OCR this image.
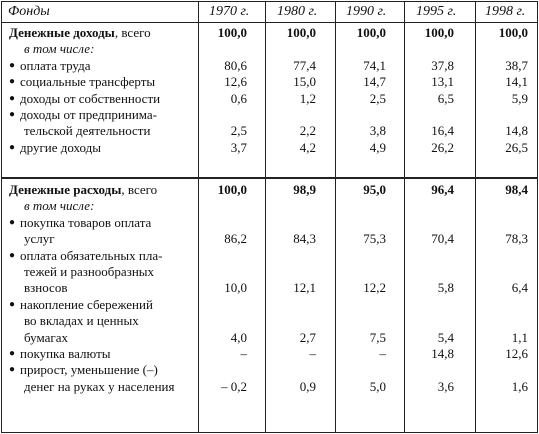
Фонды	1970 г. 1980 г. 1990 г. 1995 г. 1998 г.
Денежные доходы, всего	100,0	100,0	100,0	100,0	100,0
в том числе:
● оплата труда	80,6	77,4	74,1	37,8	38,7
● социальные трансферты	12,6	15,0	14,7	13,1	14,1
● доходы от собственности	0,6	1,2	2,5	6,5	5,9
● доходы от предпринима-
тельской деятельности	2,5	2,2	3,8	16,4	14,8
● другие доходы	3,7	4,2	4,9	26,2	26,5
Денежные расходы, всего	100,0	98,9	95,0	96,4	98,4
в том числе:
● покупка товаров оплата
услуг	86,2	84,3	75,3	70,4	78,3
● оплата обязательных пла-
тежей и разнообразных
взносов	10,0	12,1	12,2	5,8	6,4
● накопление сбережений
во вкладах и ценных
бумагах	4,0	2,7	7,5	5,4	1,1
● покупка валюты	–	–	–	14,8	12,6
● прирост, уменьшение (–)
денег на руках у населения	– 0,2	0,9	5,0	3,6	1,6
